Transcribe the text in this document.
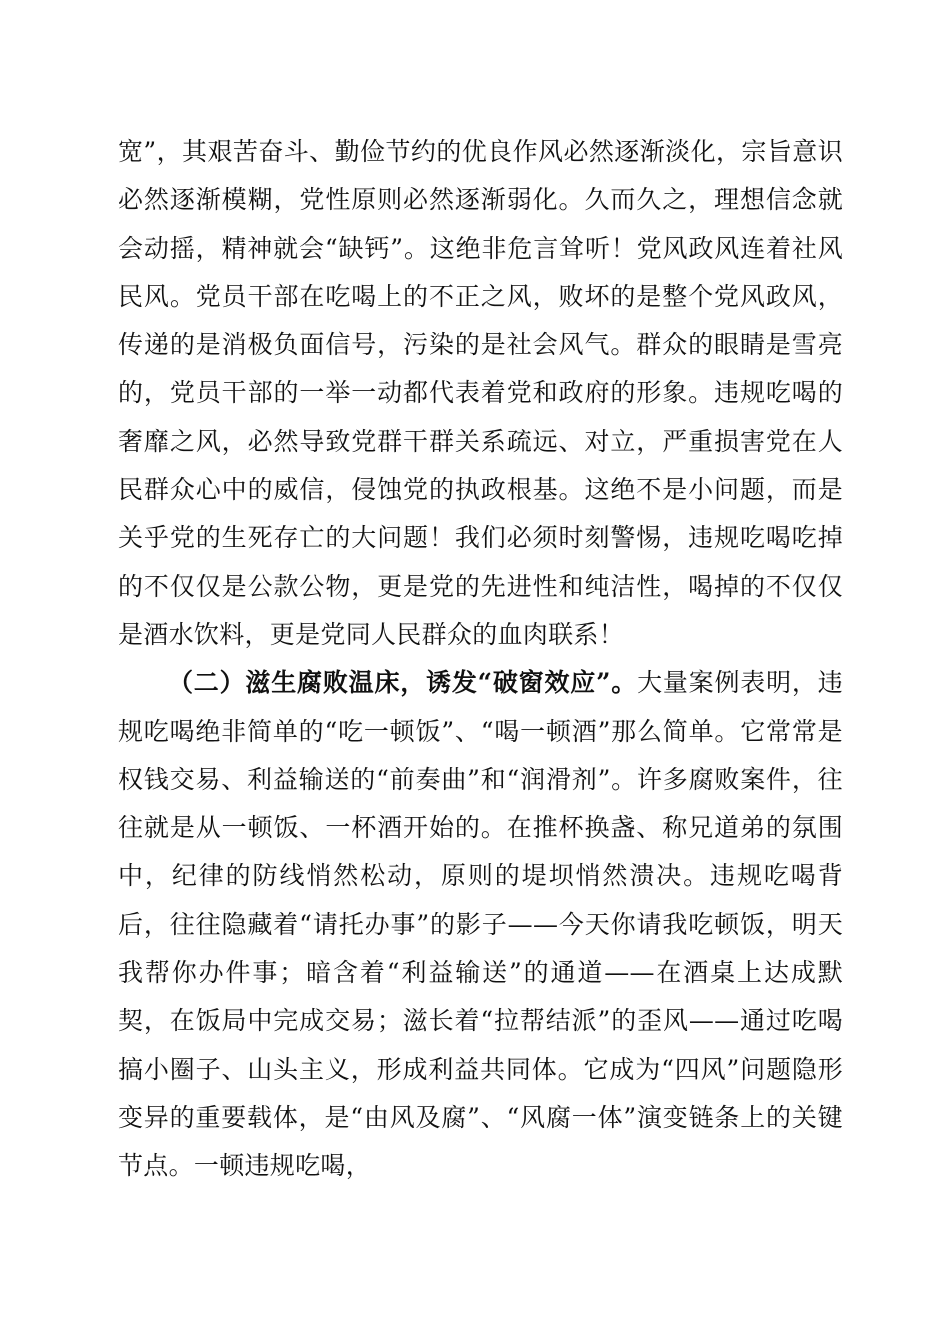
宽”，其艰苦奋斗、勤俭节约的优良作风必然逐渐淡化，宗旨意识必然逐渐模糊，党性原则必然逐渐弱化。久而久之，理想信念就会动摇，精神就会“缺钙”。这绝非危言耸听！党风政风连着社风民风。党员干部在吃喝上的不正之风，败坏的是整个党风政风，传递的是消极负面信号，污染的是社会风气。群众的眼睛是雪亮的，党员干部的一举一动都代表着党和政府的形象。违规吃喝的奢靡之风，必然导致党群干群关系疏远、对立，严重损害党在人民群众心中的威信，侵蚀党的执政根基。这绝不是小问题，而是关乎党的生死存亡的大问题！我们必须时刻警惕，违规吃喝吃掉的不仅仅是公款公物，更是党的先进性和纯洁性，喝掉的不仅仅是酒水饮料，更是党同人民群众的血肉联系！

（二）滋生腐败温床，诱发“破窗效应”。大量案例表明，违规吃喝绝非简单的“吃一顿饭”、“喝一顿酒”那么简单。它常常是权钱交易、利益输送的“前奏曲”和“润滑剂”。许多腐败案件，往往就是从一顿饭、一杯酒开始的。在推杯换盏、称兄道弟的氛围中，纪律的防线悄然松动，原则的堤坝悄然溃决。违规吃喝背后，往往隐藏着“请托办事”的影子——今天你请我吃顿饭，明天我帮你办件事；暗含着“利益输送”的通道——在酒桌上达成默契，在饭局中完成交易；滋长着“拉帮结派”的歪风——通过吃喝搞小圈子、山头主义，形成利益共同体。它成为“四风”问题隐形变异的重要载体，是“由风及腐”、“风腐一体”演变链条上的关键节点。一顿违规吃喝，
